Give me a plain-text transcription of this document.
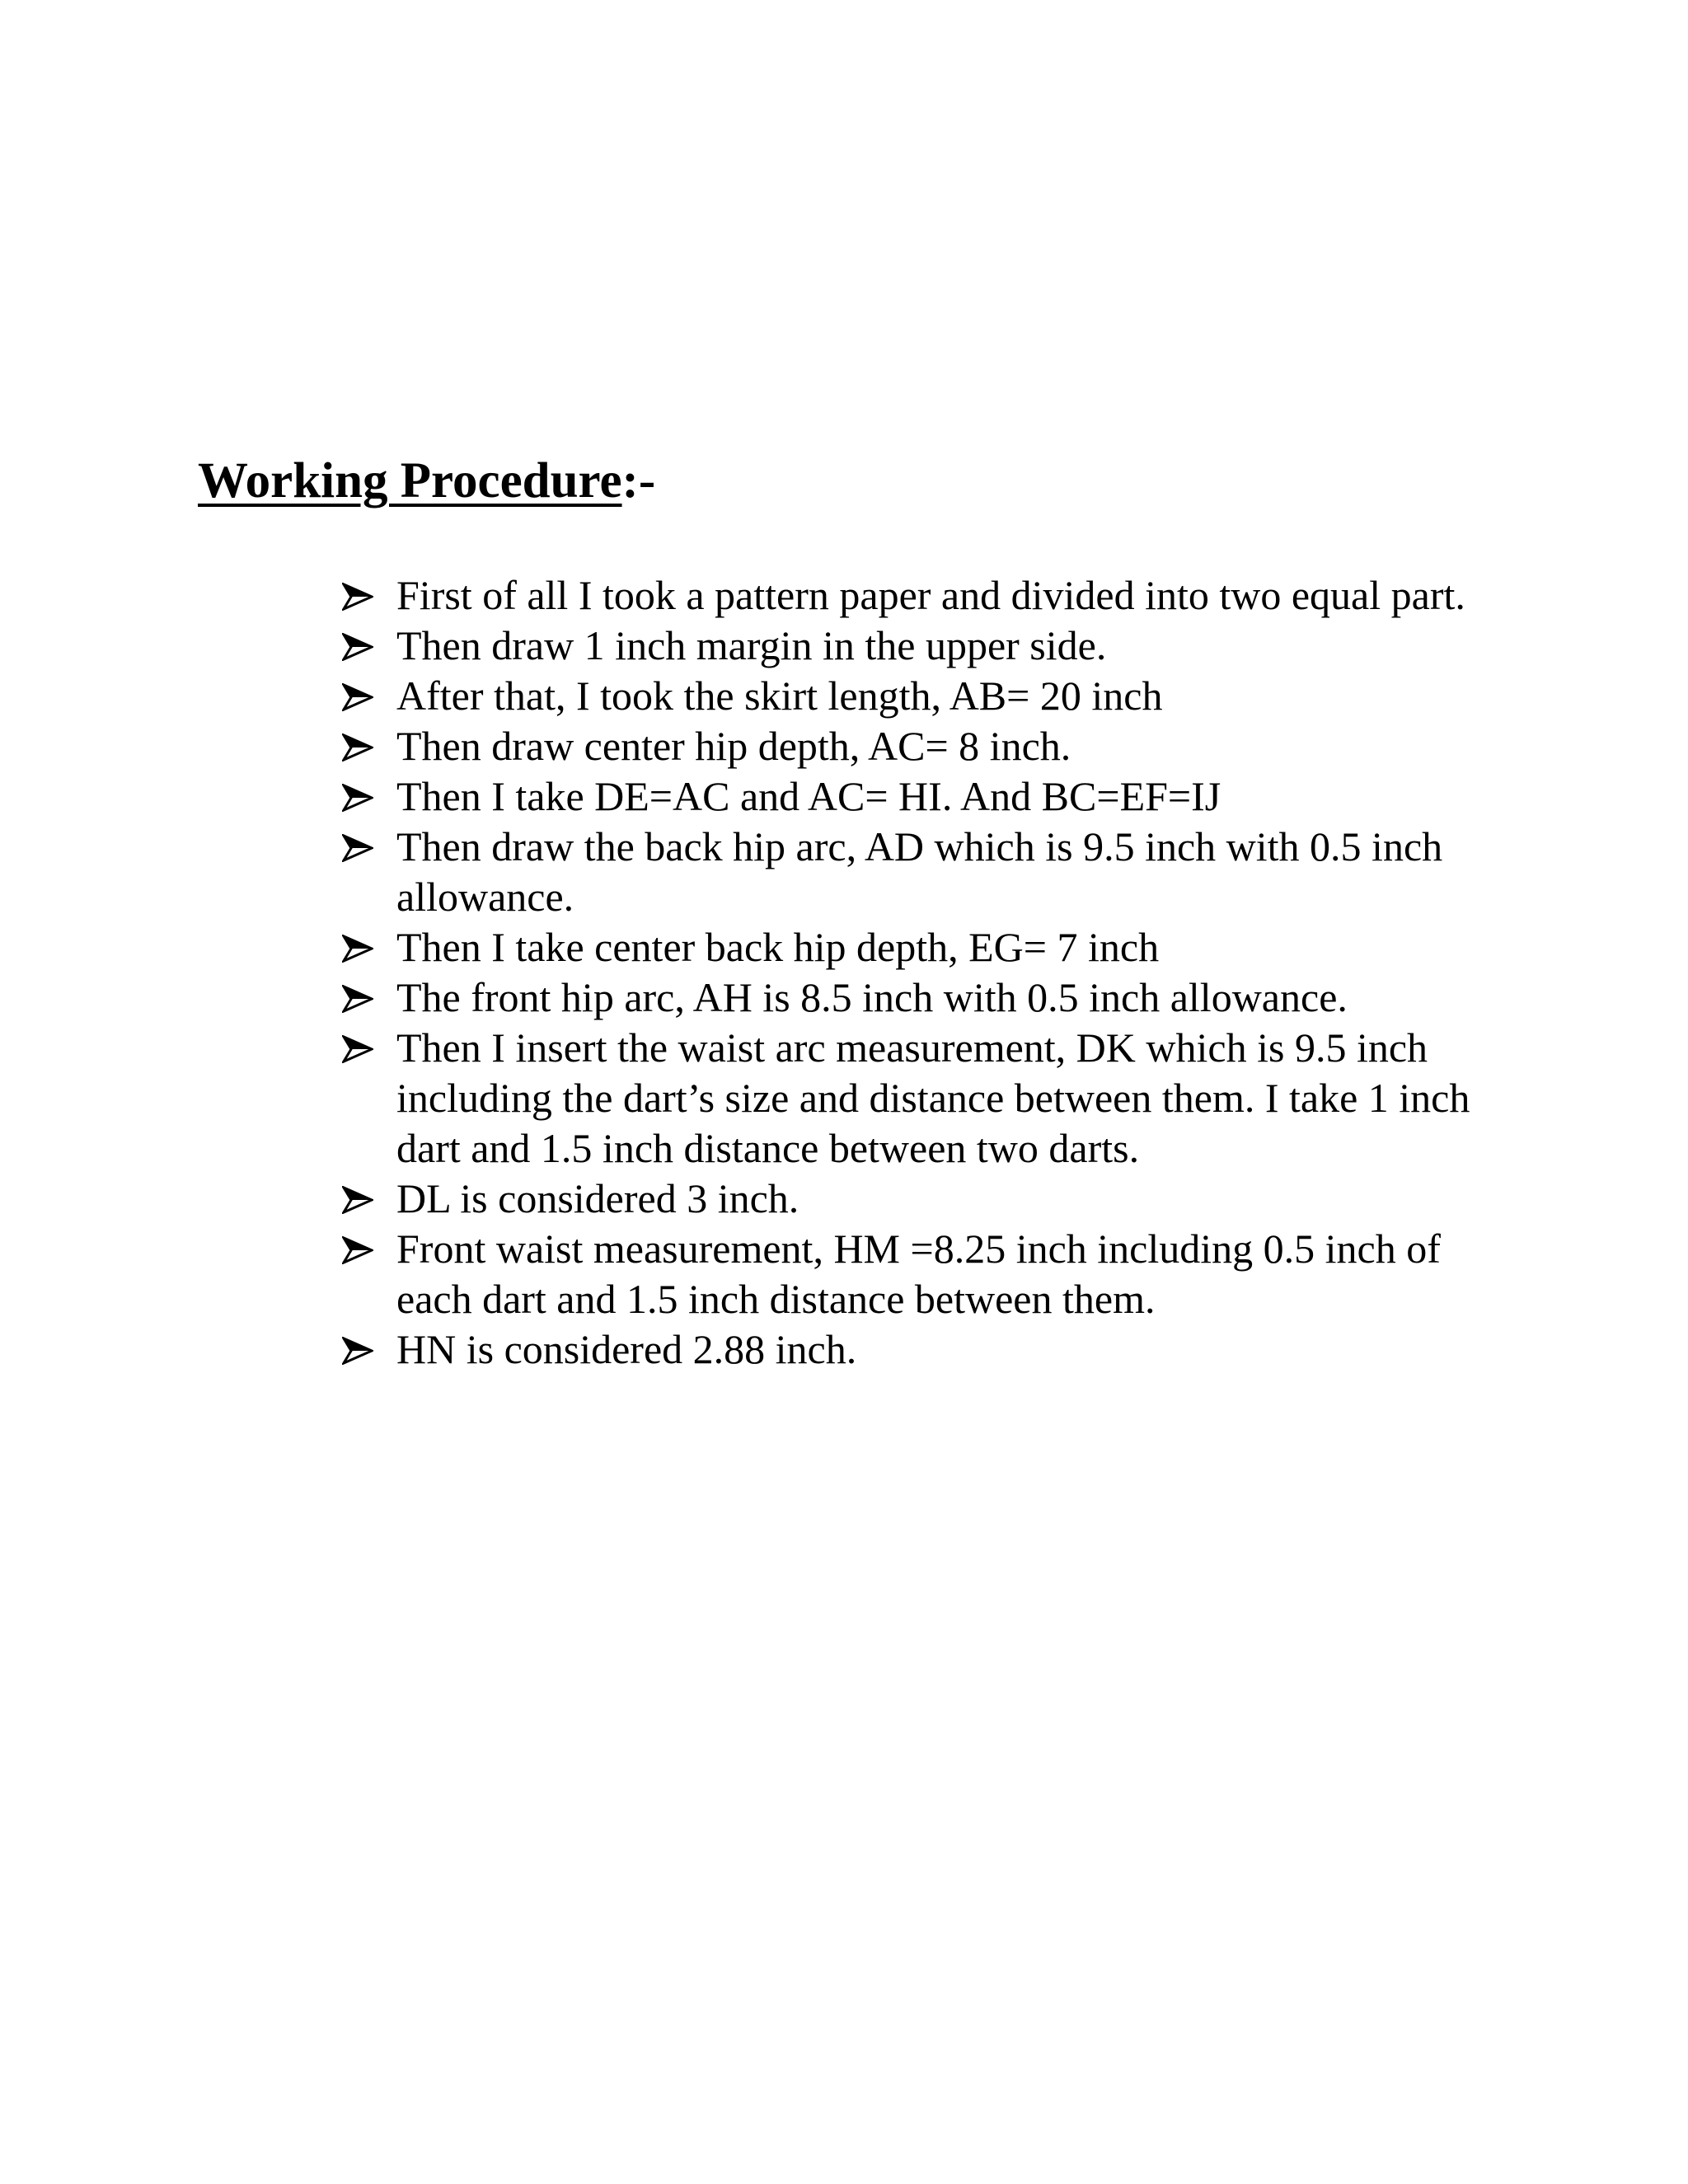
Working Procedure:-
First of all I took a pattern paper and divided into two equal part.
Then draw 1 inch margin in the upper side.
After that, I took the skirt length, AB= 20 inch
Then draw center hip depth, AC= 8 inch.
Then I take DE=AC and AC= HI. And BC=EF=IJ
Then draw the back hip arc, AD which is 9.5 inch with 0.5 inch allowance.
Then I take center back hip depth, EG= 7 inch
The front hip arc, AH is 8.5 inch with 0.5 inch allowance.
Then I insert the waist arc measurement, DK which is 9.5 inch including the dart’s size and distance between them. I take 1 inch dart and 1.5 inch distance between two darts.
DL is considered 3 inch.
Front waist measurement, HM =8.25 inch including 0.5 inch of each dart and 1.5 inch distance between them.
HN is considered 2.88 inch.
